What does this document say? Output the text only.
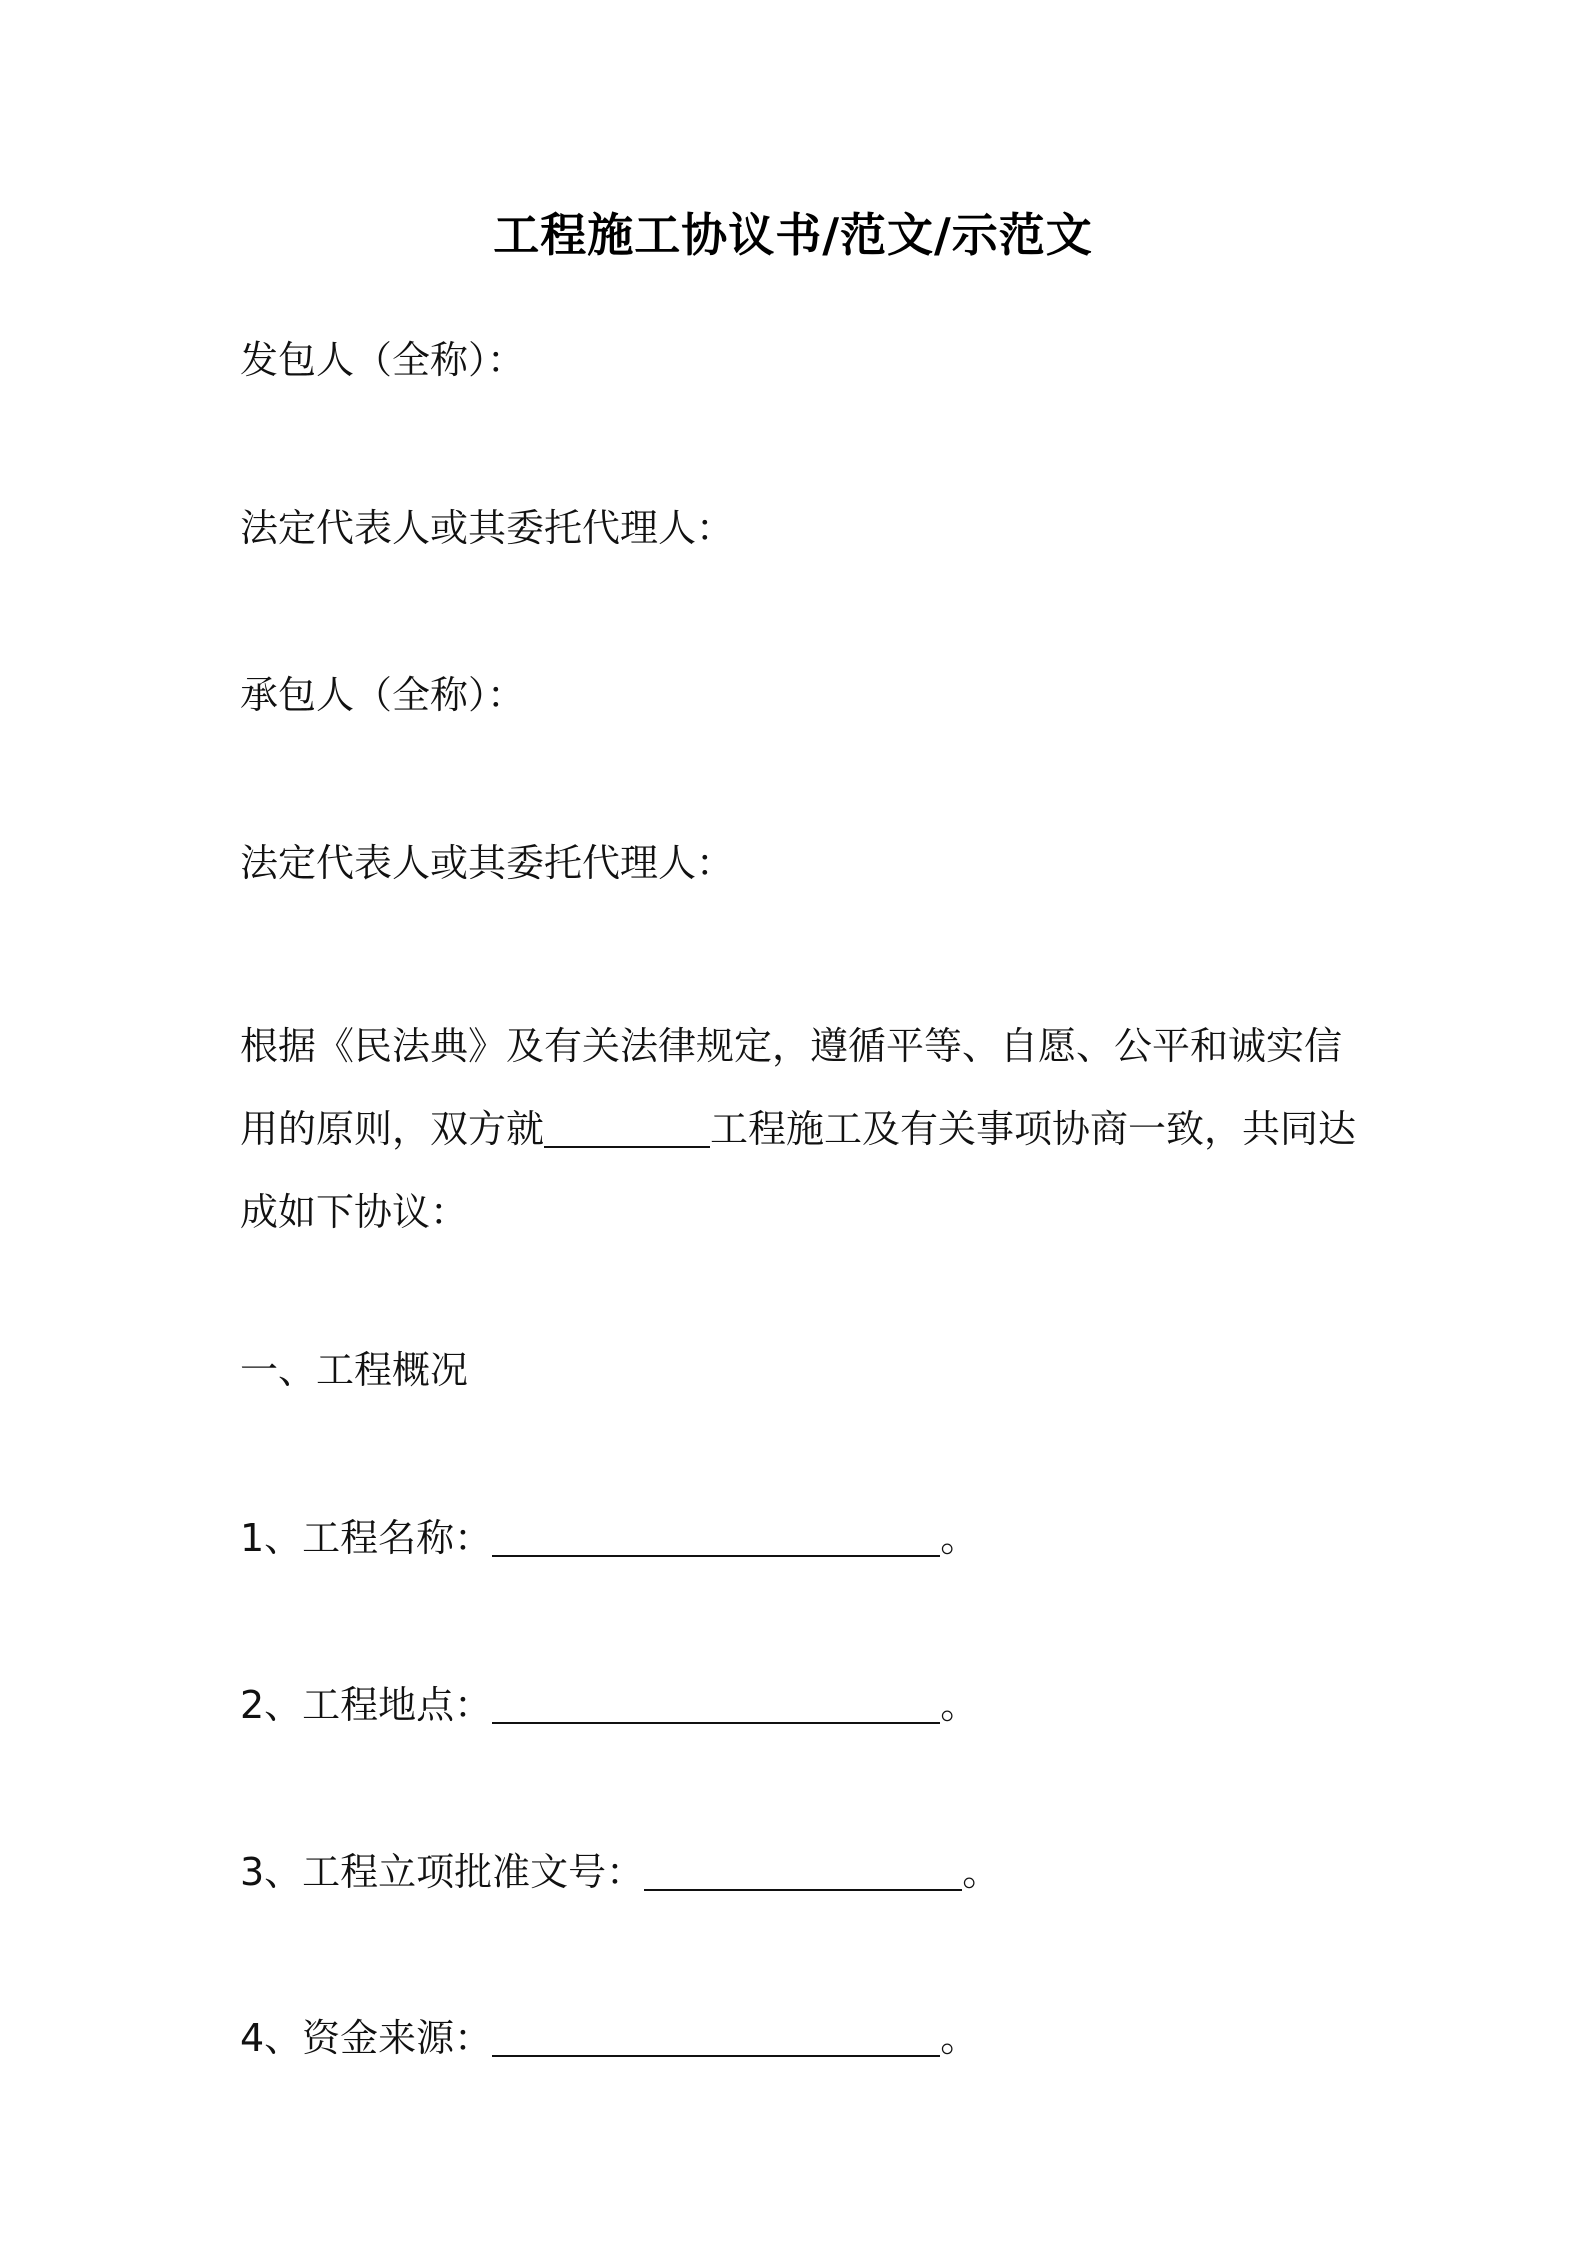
工程施工协议书/范文/示范文
发包人（全称）：
法定代表人或其委托代理人：
承包人（全称）：
法定代表人或其委托代理人：
根据《民法典》及有关法律规定，遵循平等、自愿、公平和诚实信用的原则，双方就	工程施工及有关事项协商一致，共同达成如下协议：
一、工程概况
1、工程名称：	。
2、工程地点：	。
3、工程立项批准文号：	。
4、资金来源：	。
